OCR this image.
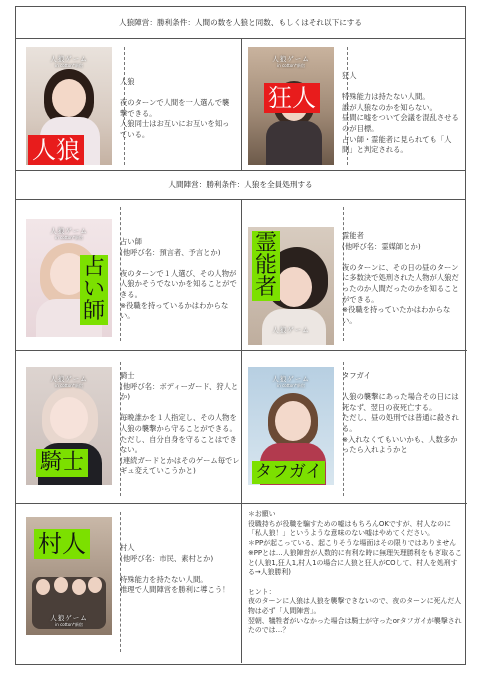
人狼陣営：勝利条件：人間の数を人狼と同数、もしくはそれ以下にする
人狼ゲーム
in cotton*新宿
人狼
人狼

夜のターンで人間を一人選んで襲撃できる。
人狼同士はお互いにお互いを知っている。
人狼ゲーム
in cotton*新宿
狂人
狂人

特殊能力は持たない人間。
誰が人狼なのかを知らない。
昼間に嘘をついて会議を混乱させるのが目標。
占い師・霊能者に見られても「人間」と判定される。
人間陣営：勝利条件：人狼を全員処刑する
人狼ゲーム
in cotton*新宿
占
い
師
占い師
(他呼び名：預言者、予言とか)

夜のターンで１人選び、その人物が人狼かそうでないかを知ることができる。
※役職を持っているかはわからない。
人狼ゲーム
霊
能
者
霊能者
(他呼び名：霊媒師とか)

夜のターンに、その日の昼のターンに多数決で処刑された人物が人狼だったのか人間だったのかを知ることができる。
※役職を持っていたかはわからない。
人狼ゲーム
in cotton*新宿
騎士
騎士
(他呼び名：ボディーガード、狩人とか)

毎晩誰かを１人指定し、その人物を人狼の襲撃から守ることができる。
ただし、自分自身を守ることはできない。
(連続ガードとかはそのゲーム毎でレギュ変えていこうかと)
人狼ゲーム
in cotton*新宿
タフガイ
タフガイ

人狼の襲撃にあった場合その日には死なず、翌日の夜死亡する。
ただし、昼の処刑では普通に殺される。
※入れなくてもいいかも、人数多かったら入れようかと
人狼ゲーム
in cotton*新宿
村人	村人
(他呼び名：市民、素村とか)

特殊能力を持たない人間。
推理で人間陣営を勝利に導こう！
＊お願い
役職持ちが役職を騙すための嘘はもちろんOKですが、村人なのに「私人狼！」というような意味のない嘘はやめてください。
＊PPが起こっている、起こりそうな場面はその限りではありません
※PPとは…人狼陣営が人数的に有利な時に無理矢理勝利をもぎ取ること(人狼1,狂人1,村人1の場合に人狼と狂人がCOして、村人を処刑する→人狼勝利)

ヒント：
夜のターンに人狼は人狼を襲撃できないので、夜のターンに死んだ人物は必ず「人間陣営」。
翌朝、犠牲者がいなかった場合は騎士が守ったorタフガイが襲撃されたのでは…？
